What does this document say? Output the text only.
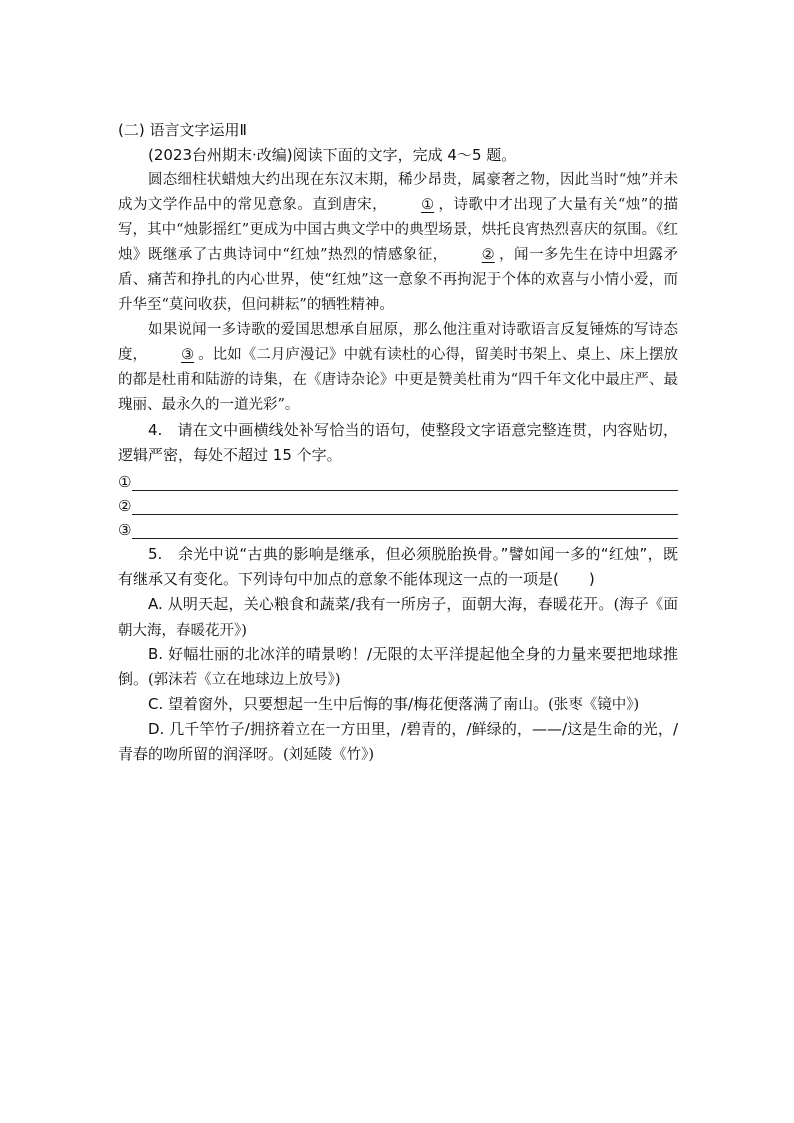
(二) 语言文字运用Ⅱ

(2023台州期末·改编)阅读下面的文字，完成 4～5 题。

圆态细柱状蜡烛大约出现在东汉末期，稀少昂贵，属豪奢之物，因此当时“烛”并未成为文学作品中的常见意象。直到唐宋， ① ，诗歌中才出现了大量有关“烛”的描写，其中“烛影摇红”更成为中国古典文学中的典型场景，烘托良宵热烈喜庆的氛围。《红烛》既继承了古典诗词中“红烛”热烈的情感象征， ② ，闻一多先生在诗中坦露矛盾、痛苦和挣扎的内心世界，使“红烛”这一意象不再拘泥于个体的欢喜与小情小爱，而升华至“莫问收获，但问耕耘”的牺牲精神。
如果说闻一多诗歌的爱国思想承自屈原，那么他注重对诗歌语言反复锤炼的写诗态度， ③ 。比如《二月庐漫记》中就有读杜的心得，留美时书架上、桌上、床上摆放的都是杜甫和陆游的诗集，在《唐诗杂论》中更是赞美杜甫为“四千年文化中最庄严、最瑰丽、最永久的一道光彩”。
4.　请在文中画横线处补写恰当的语句，使整段文字语意完整连贯，内容贴切，逻辑严密，每处不超过 15 个字。
①
②
③
5.　余光中说“古典的影响是继承，但必须脱胎换骨。”譬如闻一多的“红烛”，既有继承又有变化。下列诗句中加点的意象不能体现这一点的一项是(　　)
A. 从明天起，关心粮食和蔬菜/我有一所房子，面朝大海，春暖花开。(海子《面朝大海，春暖花开》)
B. 好幅壮丽的北冰洋的晴景哟！/无限的太平洋提起他全身的力量来要把地球推倒。(郭沫若《立在地球边上放号》)
C. 望着窗外，只要想起一生中后悔的事/梅花便落满了南山。(张枣《镜中》)
D. 几千竿竹子/拥挤着立在一方田里，/碧青的，/鲜绿的，——/这是生命的光，/青春的吻所留的润泽呀。(刘延陵《竹》)
